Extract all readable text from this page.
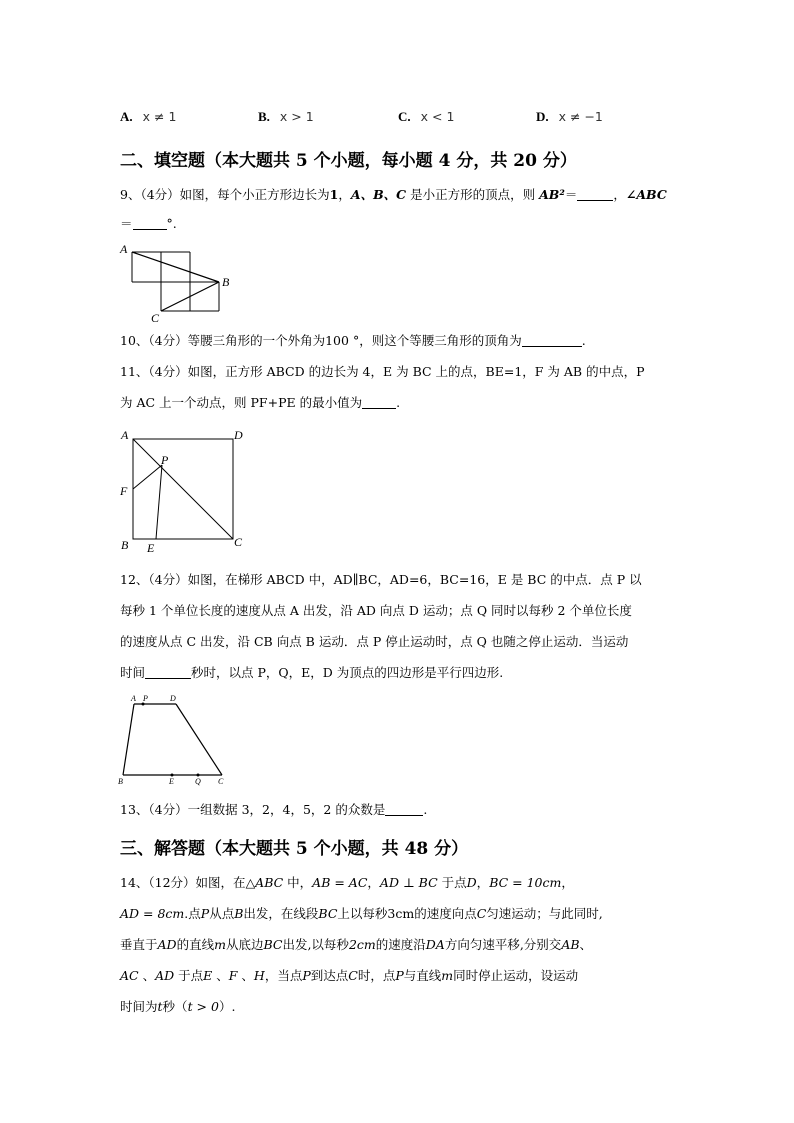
A. x ≠ 1	B. x > 1	C. x < 1	D. x ≠ −1
二、填空题（本大题共 5 个小题，每小题 4 分，共 20 分）
9、（4分）如图，每个小正方形边长为1，A、B、C 是小正方形的顶点，则 AB²＝	，∠ABC
＝	°.
A
B
C
10、（4分）等腰三角形的一个外角为100 °，则这个等腰三角形的顶角为	.
11、（4分）如图，正方形 ABCD 的边长为 4，E 为 BC 上的点，BE=1，F 为 AB 的中点，P
为 AC 上一个动点，则 PF+PE 的最小值为	.
A	D
F
P
B E	C
12、（4分）如图，在梯形 ABCD 中，AD∥BC，AD=6，BC=16，E 是 BC 的中点．点 P 以
每秒 1 个单位长度的速度从点 A 出发，沿 AD 向点 D 运动；点 Q 同时以每秒 2 个单位长度
的速度从点 C 出发，沿 CB 向点 B 运动．点 P 停止运动时，点 Q 也随之停止运动．当运动
时间	秒时，以点 P，Q，E，D 为顶点的四边形是平行四边形.
A P	D
B	E	Q C
13、（4分）一组数据 3，2，4，5，2 的众数是	.
三、解答题（本大题共 5 个小题，共 48 分）
14、（12分）如图，在△ABC 中，AB = AC，AD ⊥ BC 于点D，BC = 10cm，
AD = 8cm.点P从点B出发，在线段BC上以每秒3cm的速度向点C匀速运动；与此同时,
垂直于AD的直线m从底边BC出发,以每秒2cm的速度沿DA方向匀速平移,分别交AB、
AC 、AD 于点E 、F 、H，当点P到达点C时，点P与直线m同时停止运动，设运动
时间为t秒（t > 0）.
